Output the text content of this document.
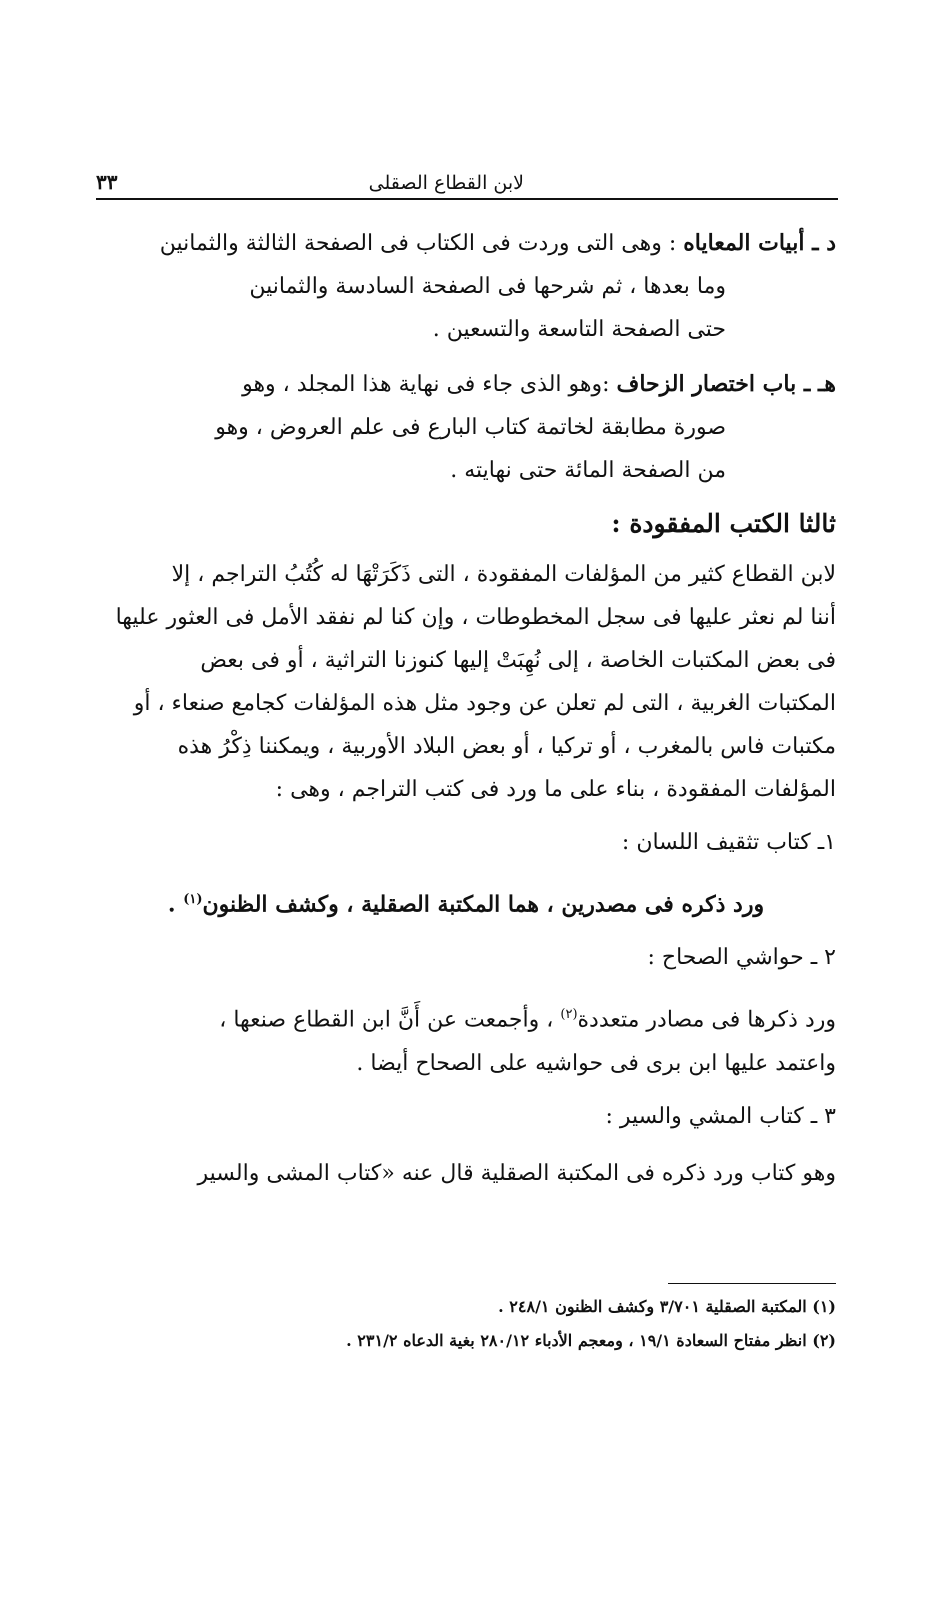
٣٣	لابن القطاع الصقلى
د ـ أبيات المعاياه : وهى التى وردت فى الكتاب فى الصفحة الثالثة والثمانين
وما بعدها ، ثم شرحها فى الصفحة السادسة والثمانين
حتى الصفحة التاسعة والتسعين .
هـ ـ باب اختصار الزحاف :وهو الذى جاء فى نهاية هذا المجلد ، وهو
صورة مطابقة لخاتمة كتاب البارع فى علم العروض ، وهو
من الصفحة المائة حتى نهايته .
ثالثا الكتب المفقودة :
لابن القطاع كثير من المؤلفات المفقودة ، التى ذَكَرَتْهَا له كُتُبُ التراجم ، إلا
أننا لم نعثر عليها فى سجل المخطوطات ، وإن كنا لم نفقد الأمل فى العثور عليها
فى بعض المكتبات الخاصة ، إلى نُهِبَتْ إليها كنوزنا التراثية ، أو فى بعض
المكتبات الغربية ، التى لم تعلن عن وجود مثل هذه المؤلفات كجامع صنعاء ، أو
مكتبات فاس بالمغرب ، أو تركيا ، أو بعض البلاد الأوربية ، ويمكننا ذِكْرُ هذه
المؤلفات المفقودة ، بناء على ما ورد فى كتب التراجم ، وهى :
١ـ كتاب تثقيف اللسان :
ورد ذكره فى مصدرين ، هما المكتبة الصقلية ، وكشف الظنون$^{(١)}$ .
٢ ـ حواشي الصحاح :
ورد ذكرها فى مصادر متعددة$^{(٢)}$ ، وأجمعت عن أَنَّ ابن القطاع صنعها ،
واعتمد عليها ابن برى فى حواشيه على الصحاح أيضا .
٣ ـ كتاب المشي والسير :
وهو كتاب ورد ذكره فى المكتبة الصقلية قال عنه «كتاب المشى والسير
(١) المكتبة الصقلية ٣/٧٠١ وكشف الظنون ٢٤٨/١ .
(٢) انظر مفتاح السعادة ١٩/١ ، ومعجم الأدباء ٢٨٠/١٢ بغية الدعاه ٢٣١/٢ .
